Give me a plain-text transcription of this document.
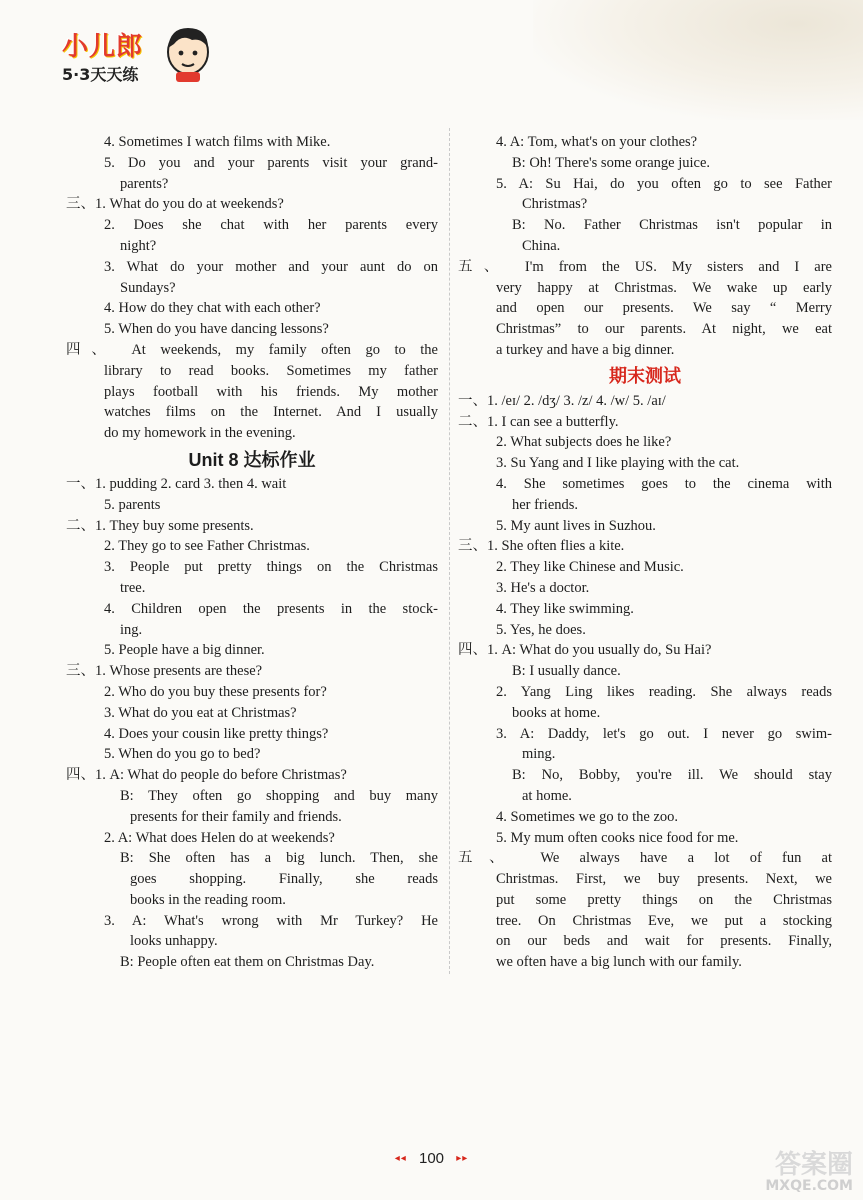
小儿郎
5·3天天练
4. Sometimes I watch films with Mike.
5. Do you and your parents visit your grand-
parents?
三、1. What do you do at weekends?
2. Does she chat with her parents every
night?
3. What do your mother and your aunt do on
Sundays?
4. How do they chat with each other?
5. When do you have dancing lessons?
四、 At weekends, my family often go to the
library to read books. Sometimes my father
plays football with his friends. My mother
watches films on the Internet. And I usually
do my homework in the evening.
Unit 8 达标作业
一、1. pudding 2. card 3. then 4. wait
5. parents
二、1. They buy some presents.
2. They go to see Father Christmas.
3. People put pretty things on the Christmas
tree.
4. Children open the presents in the stock-
ing.
5. People have a big dinner.
三、1. Whose presents are these?
2. Who do you buy these presents for?
3. What do you eat at Christmas?
4. Does your cousin like pretty things?
5. When do you go to bed?
四、1. A: What do people do before Christmas?
B: They often go shopping and buy many
presents for their family and friends.
2. A: What does Helen do at weekends?
B: She often has a big lunch. Then, she
goes shopping. Finally, she reads
books in the reading room.
3. A: What's wrong with Mr Turkey? He
looks unhappy.
B: People often eat them on Christmas Day.
4. A: Tom, what's on your clothes?
B: Oh! There's some orange juice.
5. A: Su Hai, do you often go to see Father
Christmas?
B: No. Father Christmas isn't popular in
China.
五、 I'm from the US. My sisters and I are
very happy at Christmas. We wake up early
and open our presents. We say “ Merry
Christmas” to our parents. At night, we eat
a turkey and have a big dinner.
期末测试
一、1. /eɪ/ 2. /dʒ/ 3. /z/ 4. /w/ 5. /aɪ/
二、1. I can see a butterfly.
2. What subjects does he like?
3. Su Yang and I like playing with the cat.
4. She sometimes goes to the cinema with
her friends.
5. My aunt lives in Suzhou.
三、1. She often flies a kite.
2. They like Chinese and Music.
3. He's a doctor.
4. They like swimming.
5. Yes, he does.
四、1. A: What do you usually do, Su Hai?
B: I usually dance.
2. Yang Ling likes reading. She always reads
books at home.
3. A: Daddy, let's go out. I never go swim-
ming.
B: No, Bobby, you're ill. We should stay
at home.
4. Sometimes we go to the zoo.
5. My mum often cooks nice food for me.
五、 We always have a lot of fun at
Christmas. First, we buy presents. Next, we
put some pretty things on the Christmas
tree. On Christmas Eve, we put a stocking
on our beds and wait for presents. Finally,
we often have a big lunch with our family.
◂◂ 100 ▸▸	答案圈
MXQE.COM
